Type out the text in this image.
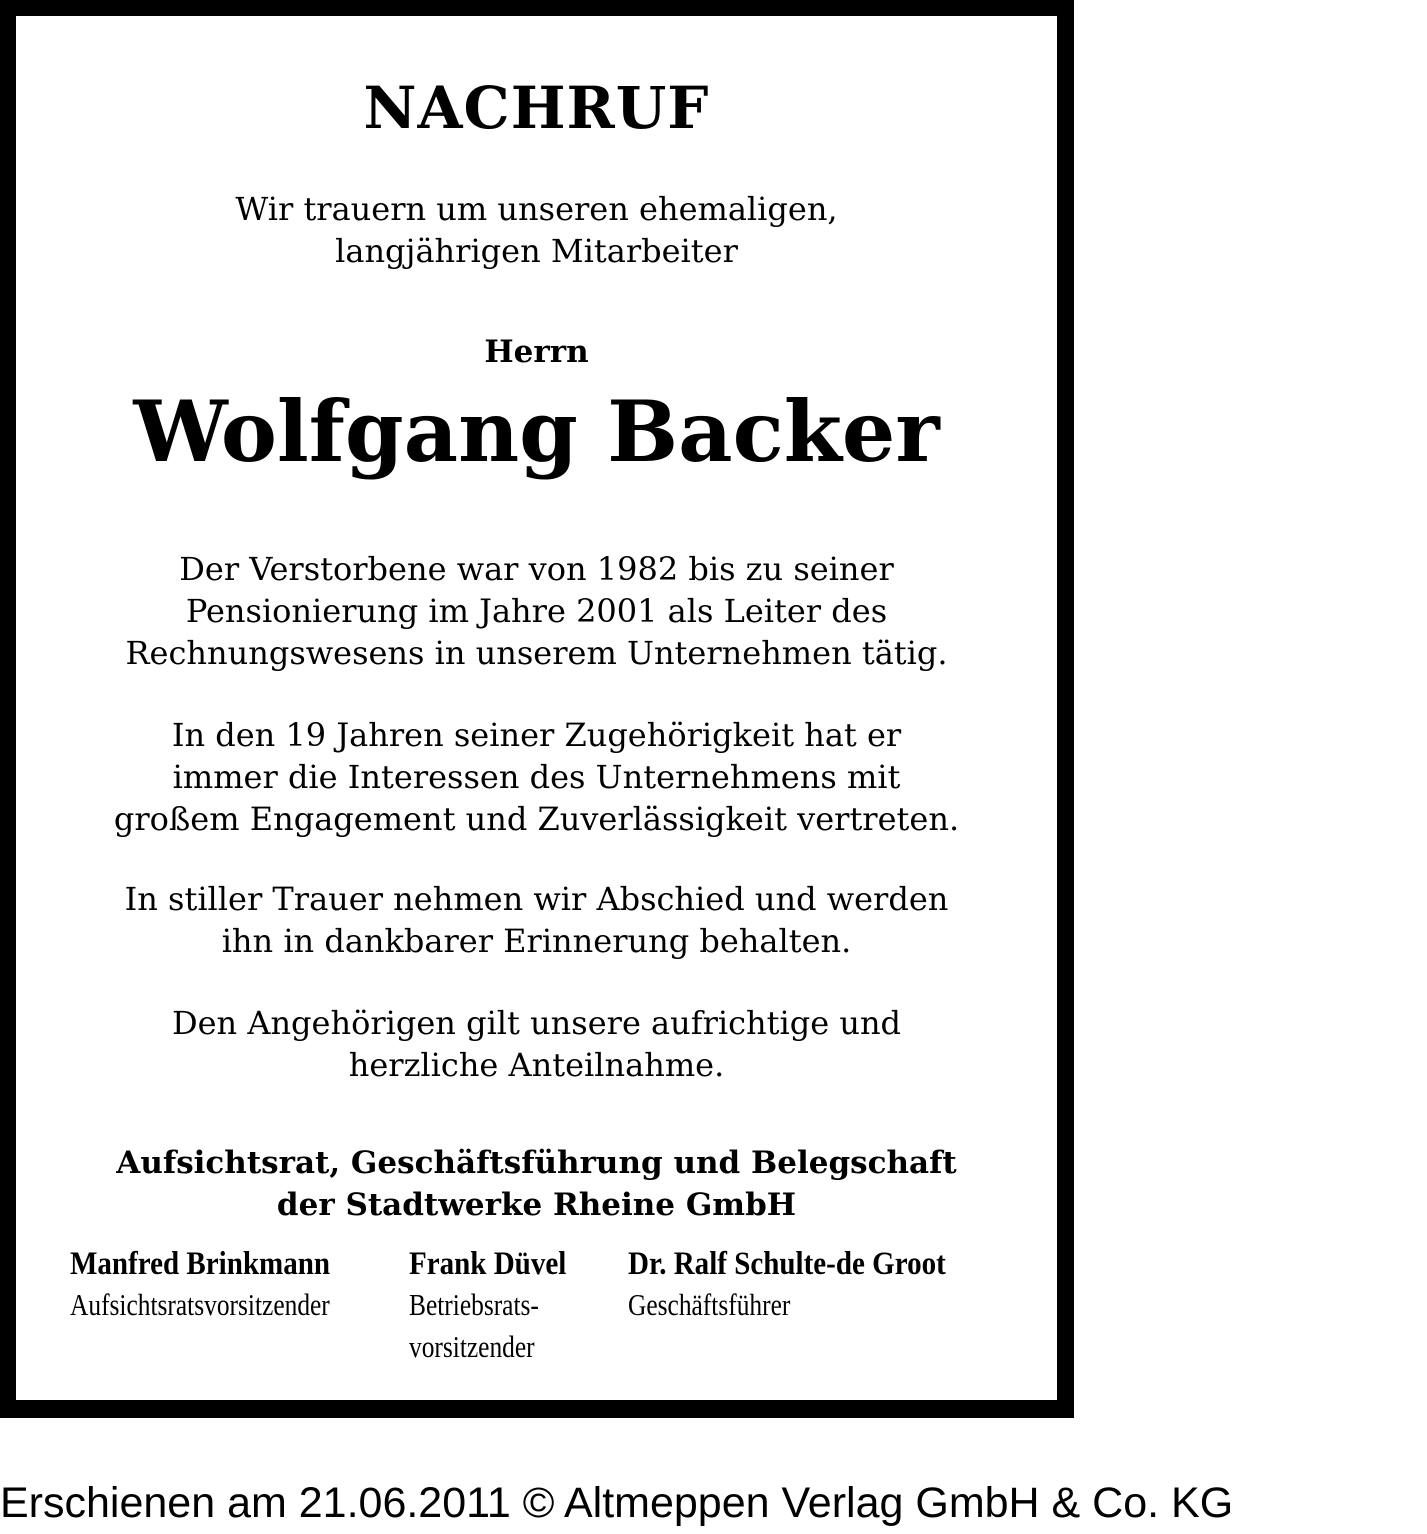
NACHRUF
Wir trauern um unseren ehemaligen,
langjährigen Mitarbeiter
Herrn
Wolfgang Backer
Der Verstorbene war von 1982 bis zu seiner
Pensionierung im Jahre 2001 als Leiter des
Rechnungswesens in unserem Unternehmen tätig.
In den 19 Jahren seiner Zugehörigkeit hat er
immer die Interessen des Unternehmens mit
großem Engagement und Zuverlässigkeit vertreten.
In stiller Trauer nehmen wir Abschied und werden
ihn in dankbarer Erinnerung behalten.
Den Angehörigen gilt unsere aufrichtige und
herzliche Anteilnahme.
Aufsichtsrat, Geschäftsführung und Belegschaft
der Stadtwerke Rheine GmbH
Manfred Brinkmann
Aufsichtsratsvorsitzender
Frank Düvel
Betriebsrats-
vorsitzender
Dr. Ralf Schulte-de Groot
Geschäftsführer
Erschienen am 21.06.2011 © Altmeppen Verlag GmbH & Co. KG
